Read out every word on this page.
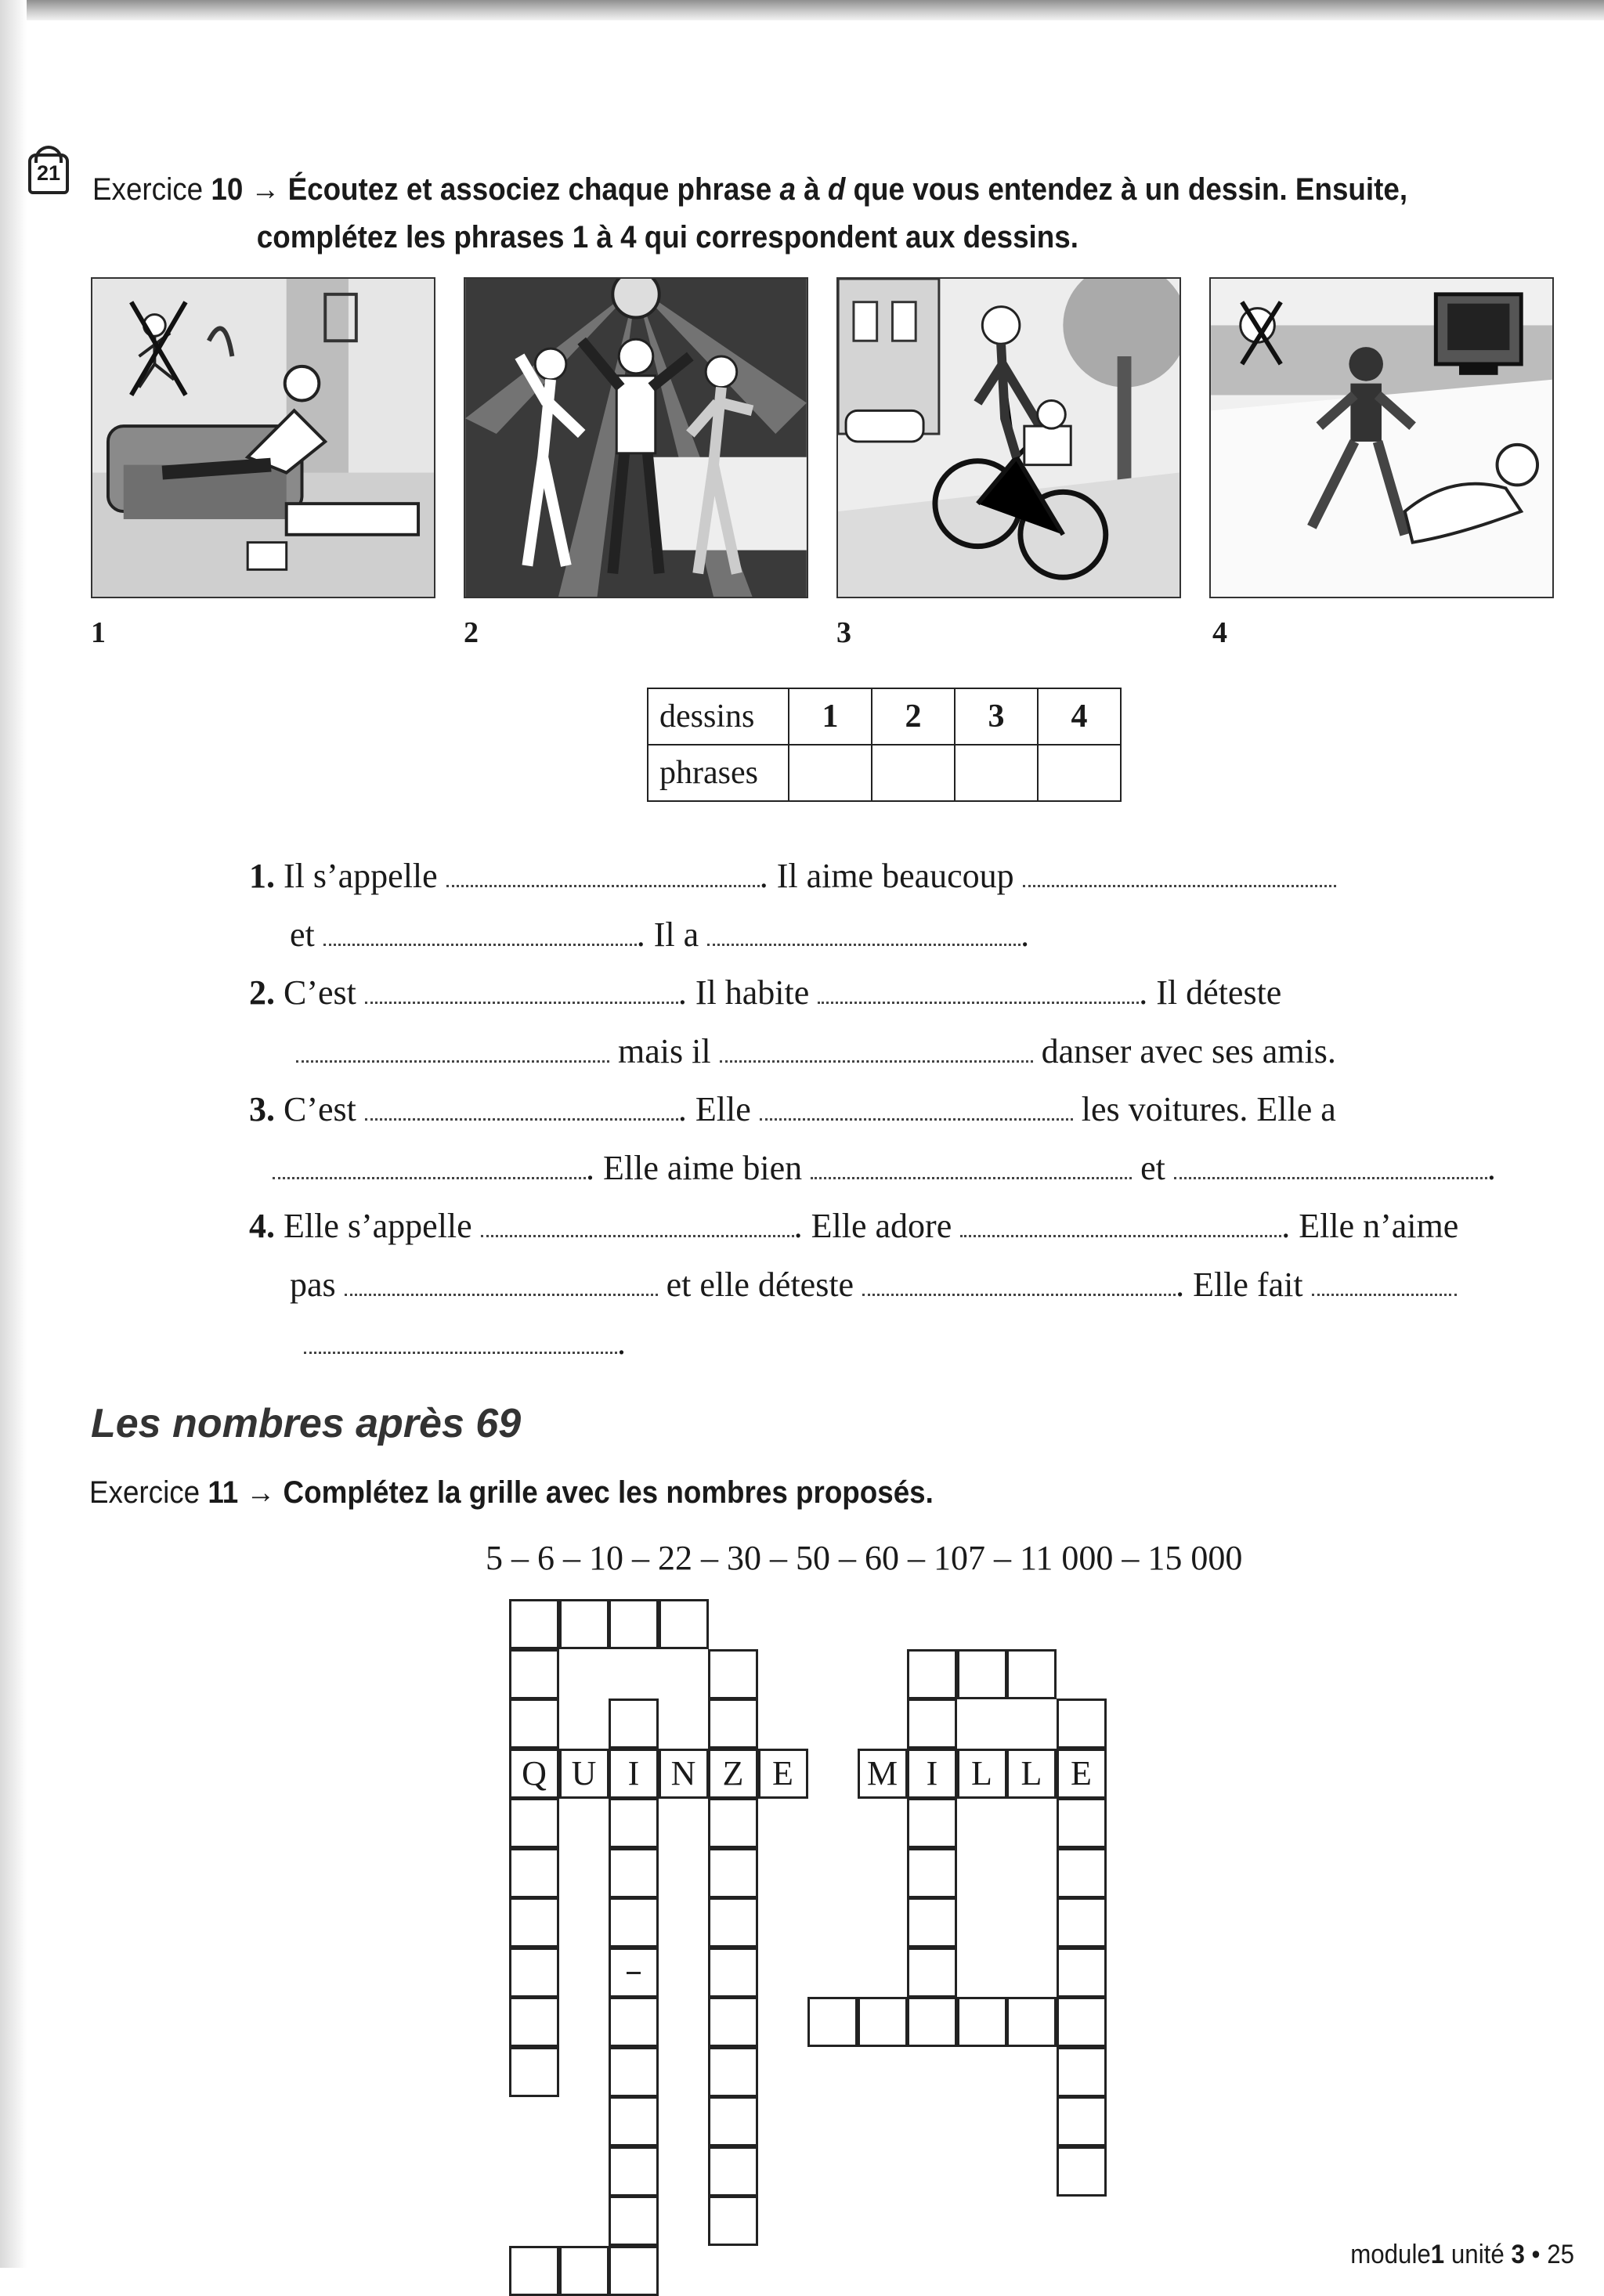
21 Exercice 10 → Écoutez et associez chaque phrase a à d que vous entendez à un dessin. Ensuite,
complétez les phrases 1 à 4 qui correspondent aux dessins.
1	2	3	4
dessins	1	2	3	4
phrases				
1. Il s’appelle	. Il aime beaucoup
et	. Il a	.
2. C’est	. Il habite	. Il déteste
mais il	danser avec ses amis.
3. C’est	. Elle	les voitures. Elle a
. Elle aime bien	et	.
4. Elle s’appelle	. Elle adore	. Elle n’aime
pas	et elle déteste	. Elle fait
.
Les nombres après 69
Exercice 11 → Complétez la grille avec les nombres proposés.
5 – 6 – 10 – 22 – 30 – 50 – 60 – 107 – 11 000 – 15 000
I	Z
Q U	N	E	M I L L E
module1 unité 3 • 25
